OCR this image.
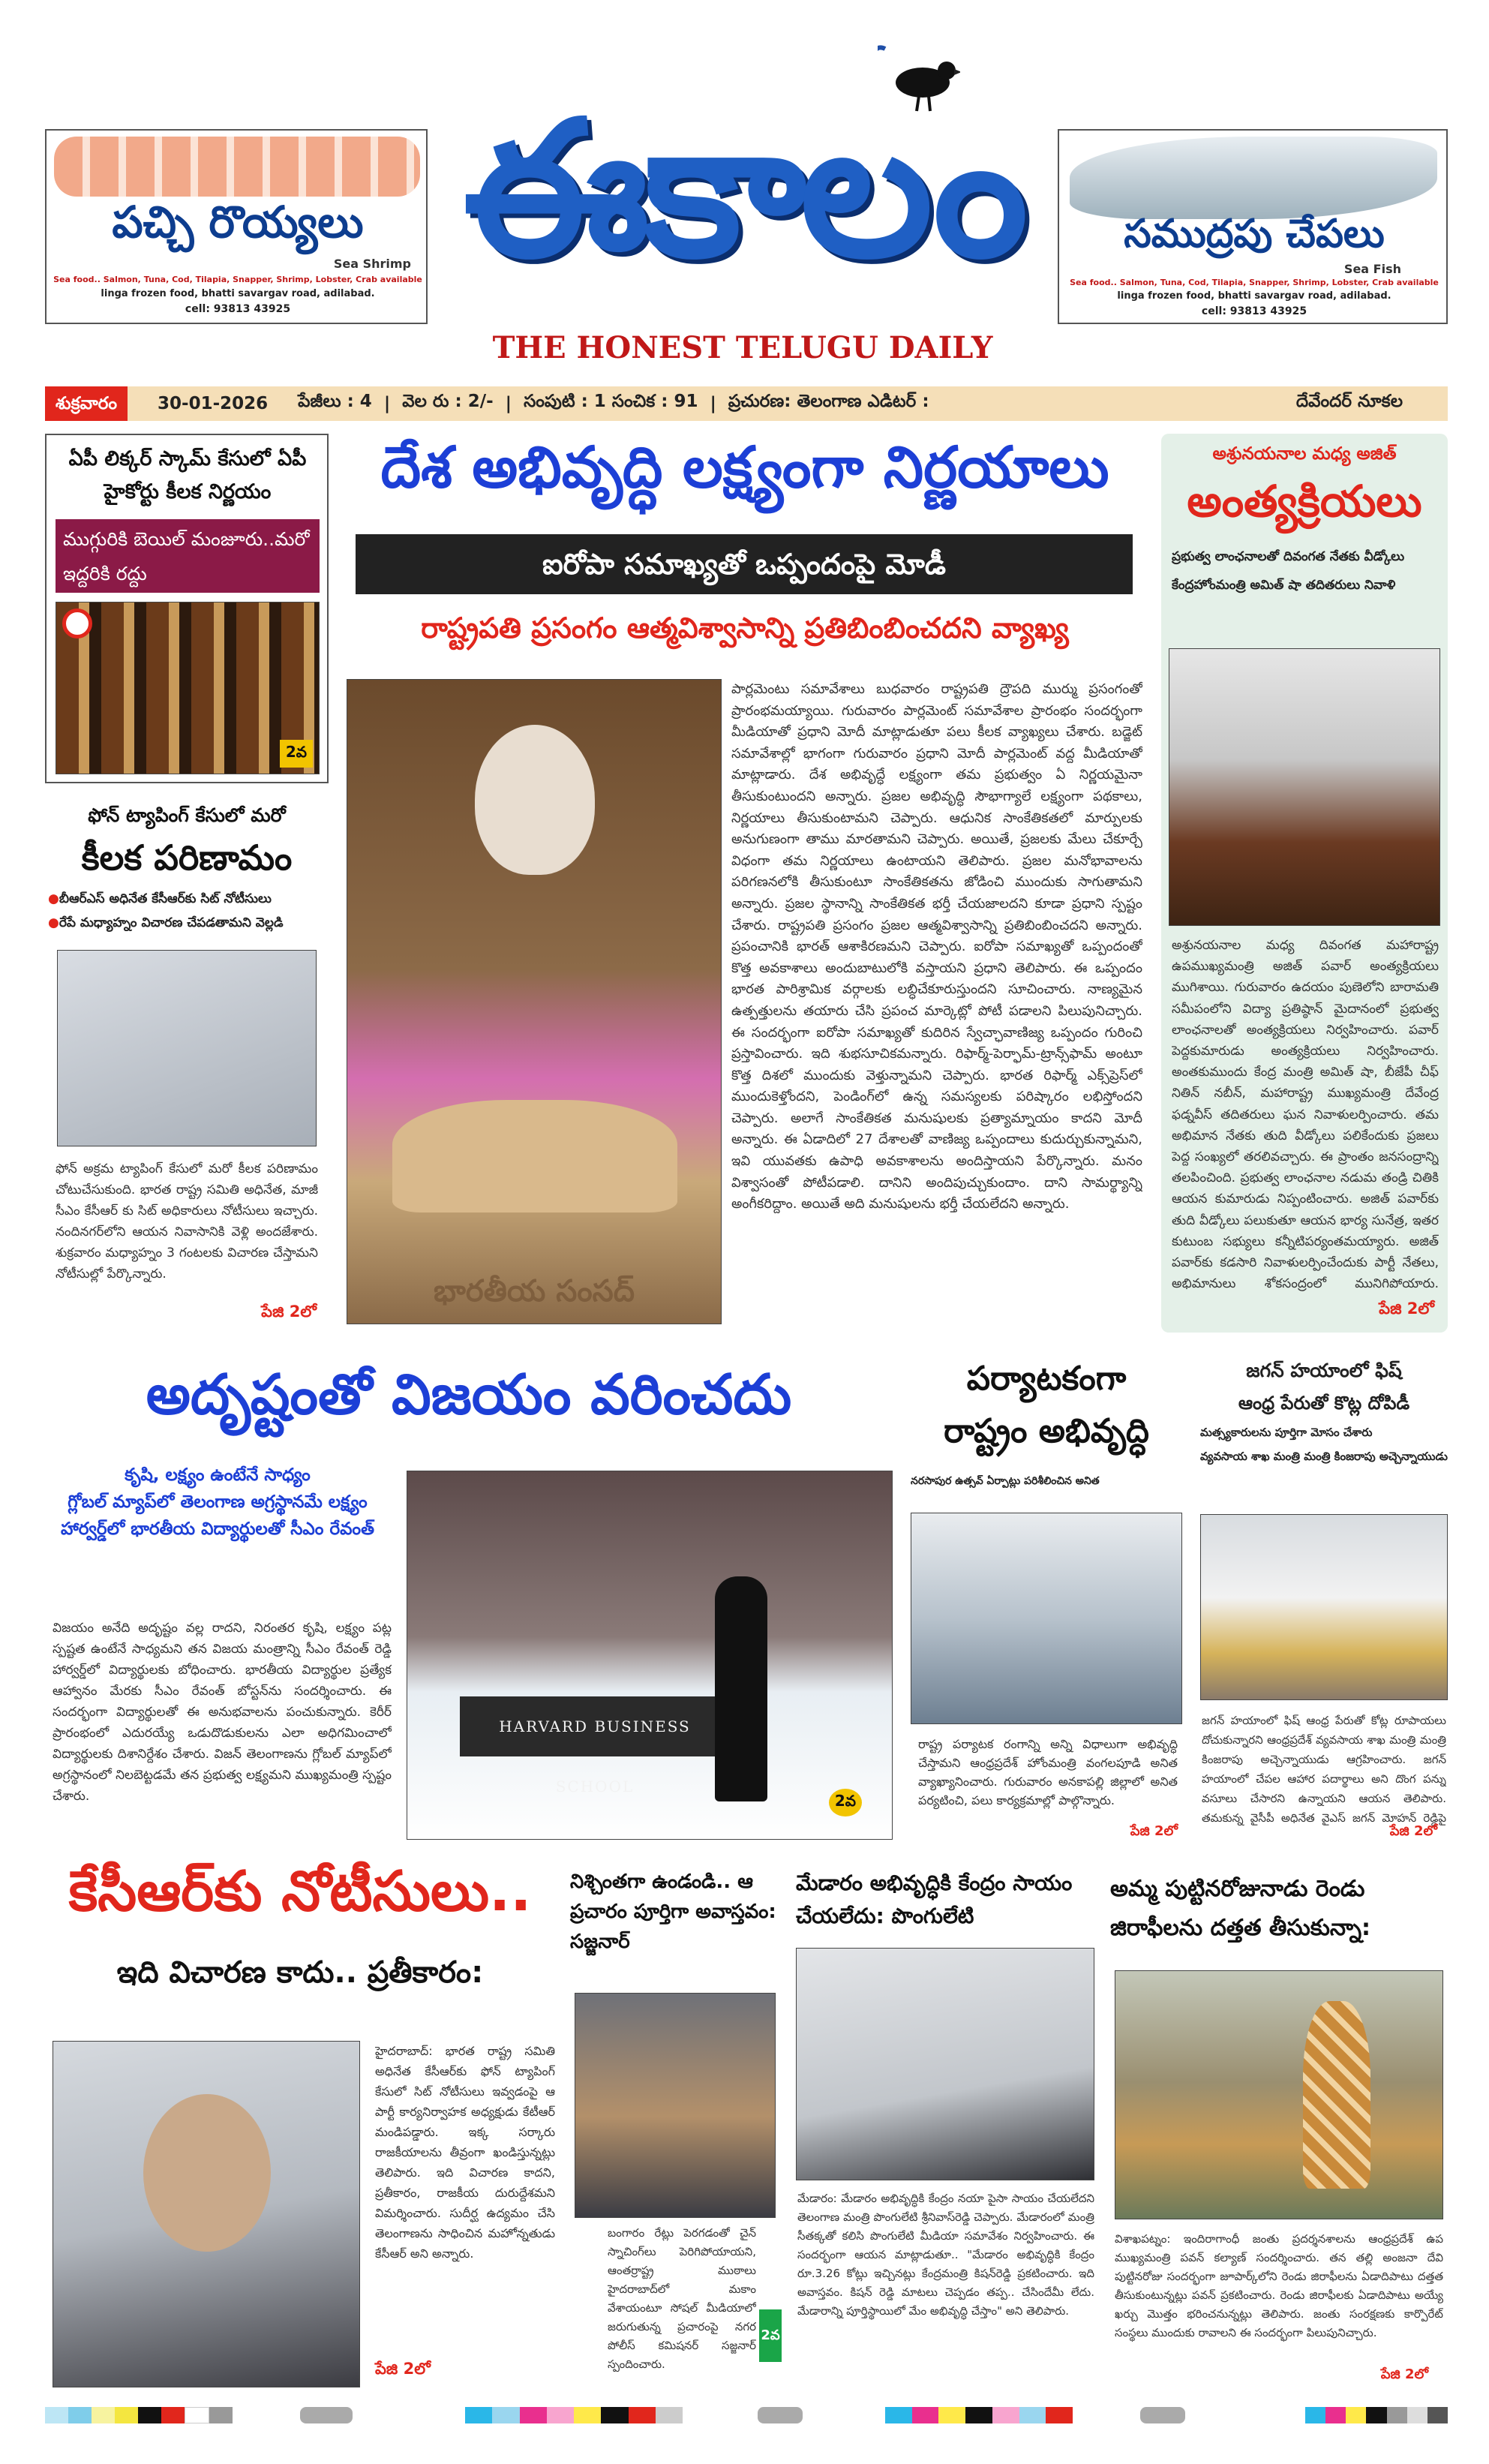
పచ్చి రొయ్యలు
Sea Shrimp
Sea food.. Salmon, Tuna, Cod, Tilapia, Snapper, Shrimp, Lobster, Crab available
linga frozen food, bhatti savargav road, adilabad.
cell: 93813 43925
ఈకాలం
THE HONEST TELUGU DAILY
సముద్రపు చేపలు
Sea Fish
Sea food.. Salmon, Tuna, Cod, Tilapia, Snapper, Shrimp, Lobster, Crab available
linga frozen food, bhatti savargav road, adilabad.
cell: 93813 43925
శుక్రవారం	30-01-2026 పేజీలు : 4 | వెల రు : 2/- | సంపుటి : 1 సంచిక : 91 | ప్రచురణ: తెలంగాణ ఎడిటర్ :	దేవేందర్ నూకల
ఏపీ లిక్కర్ స్కామ్ కేసులో ఏపీ హైకోర్టు కీలక నిర్ణయం
ముగ్గురికి బెయిల్ మంజూరు..మరో ఇద్దరికి రద్దు
2వ
ఫోన్ ట్యాపింగ్ కేసులో మరో
కీలక పరిణామం
●బీఆర్ఎస్ అధినేత కేసీఆర్‌కు సిట్ నోటీసులు
●రేపే మధ్యాహ్నం విచారణ చేపడతామని వెల్లడి
ఫోన్ అక్రమ ట్యాపింగ్ కేసులో మరో కీలక పరిణామం చోటుచేసుకుంది. భారత రాష్ట్ర సమితి అధినేత, మాజీ సీఎం కేసీఆర్ కు సిట్ అధికారులు నోటీసులు ఇచ్చారు. నందినగర్‌లోని ఆయన నివాసానికి వెళ్లి అందజేశారు. శుక్రవారం మధ్యాహ్నం 3 గంటలకు విచారణ చేస్తామని నోటీసుల్లో పేర్కొన్నారు.
పేజి 2లో
దేశ అభివృద్ధి లక్ష్యంగా నిర్ణయాలు
ఐరోపా సమాఖ్యతో ఒప్పందంపై మోడీ
రాష్ట్రపతి ప్రసంగం ఆత్మవిశ్వాసాన్ని ప్రతిబింబించదని వ్యాఖ్య
భారతీయ సంసద్
పార్లమెంటు సమావేశాలు బుధవారం రాష్ట్రపతి ద్రౌపది ముర్ము ప్రసంగంతో ప్రారంభమయ్యాయి. గురువారం పార్లమెంట్ సమావేశాల ప్రారంభం సందర్భంగా మీడియాతో ప్రధాని మోదీ మాట్లాడుతూ పలు కీలక వ్యాఖ్యలు చేశారు. బడ్జెట్ సమావేశాల్లో భాగంగా గురువారం ప్రధాని మోదీ పార్లమెంట్ వద్ద మీడియాతో మాట్లాడారు. దేశ అభివృద్ధే లక్ష్యంగా తమ ప్రభుత్వం ఏ నిర్ణయమైనా తీసుకుంటుందని అన్నారు. ప్రజల అభివృద్ధి సౌభాగ్యాలే లక్ష్యంగా పథకాలు, నిర్ణయాలు తీసుకుంటామని చెప్పారు. ఆధునిక సాంకేతికతలో మార్పులకు అనుగుణంగా తాము మారతామని చెప్పారు. అయితే, ప్రజలకు మేలు చేకూర్చే విధంగా తమ నిర్ణయాలు ఉంటాయని తెలిపారు. ప్రజల మనోభావాలను పరిగణనలోకి తీసుకుంటూ సాంకేతికతను జోడించి ముందుకు సాగుతామని అన్నారు. ప్రజల స్థానాన్ని సాంకేతికత భర్తీ చేయజాలదని కూడా ప్రధాని స్పష్టం చేశారు. రాష్ట్రపతి ప్రసంగం ప్రజల ఆత్మవిశ్వాసాన్ని ప్రతిబింబించదని అన్నారు. ప్రపంచానికి భారత్ ఆశాకిరణమని చెప్పారు. ఐరోపా సమాఖ్యతో ఒప్పందంతో కొత్త అవకాశాలు అందుబాటులోకి వస్తాయని ప్రధాని తెలిపారు. ఈ ఒప్పందం భారత పారిశ్రామిక వర్గాలకు లబ్ధిచేకూరుస్తుందని సూచించారు. నాణ్యమైన ఉత్పత్తులను తయారు చేసి ప్రపంచ మార్కెట్లో పోటీ పడాలని పిలుపునిచ్చారు. ఈ సందర్భంగా ఐరోపా సమాఖ్యతో కుదిరిన స్వేచ్ఛావాణిజ్య ఒప్పందం గురించి ప్రస్తావించారు. ఇది శుభసూచికమన్నారు. రిఫార్మ్-పెర్ఫామ్-ట్రాన్స్‌ఫామ్ అంటూ కొత్త దిశలో ముందుకు వెళ్తున్నామని చెప్పారు. భారత రిఫార్మ్ ఎక్స్‌ప్రెస్‌లో ముందుకెళ్తోందని, పెండింగ్‌లో ఉన్న సమస్యలకు పరిష్కారం లభిస్తోందని చెప్పారు. అలాగే సాంకేతికత మనుషులకు ప్రత్యామ్నాయం కాదని మోదీ అన్నారు. ఈ ఏడాదిలో 27 దేశాలతో వాణిజ్య ఒప్పందాలు కుదుర్చుకున్నామని, ఇవి యువతకు ఉపాధి అవకాశాలను అందిస్తాయని పేర్కొన్నారు. మనం విశ్వాసంతో పోటీపడాలి. దానిని అందిపుచ్చుకుందాం. దాని సామర్థ్యాన్ని అంగీకరిద్దాం. అయితే అది మనుషులను భర్తీ చేయలేదని అన్నారు.
అశ్రునయనాల మధ్య అజిత్
అంత్యక్రియలు
ప్రభుత్వ లాంఛనాలతో దివంగత నేతకు వీడ్కోలు
కేంద్రహోంమంత్రి అమిత్ షా తదితరులు నివాళి
అశ్రునయనాల మధ్య దివంగత మహారాష్ట్ర ఉపముఖ్యమంత్రి అజిత్ పవార్ అంత్యక్రియలు ముగిశాయి. గురువారం ఉదయం పుణెలోని బారామతి సమీపంలోని విద్యా ప్రతిష్ఠాన్ మైదానంలో ప్రభుత్వ లాంఛనాలతో అంత్యక్రియలు నిర్వహించారు. పవార్ పెద్దకుమారుడు అంత్యక్రియలు నిర్వహించారు. అంతకుముందు కేంద్ర మంత్రి అమిత్ షా, బీజేపీ చీఫ్ నితిన్ నబీన్, మహారాష్ట్ర ముఖ్యమంత్రి దేవేంద్ర ఫడ్నవీస్ తదితరులు ఘన నివాళులర్పించారు. తమ అభిమాన నేతకు తుది వీడ్కోలు పలికేందుకు ప్రజలు పెద్ద సంఖ్యలో తరలివచ్చారు. ఈ ప్రాంతం జనసంద్రాన్ని తలపించింది. ప్రభుత్వ లాంఛనాల నడుమ తండ్రి చితికి ఆయన కుమారుడు నిప్పంటించారు. అజిత్ పవార్‌కు తుది వీడ్కోలు పలుకుతూ ఆయన భార్య సునేత్ర, ఇతర కుటుంబ సభ్యులు కన్నీటిపర్యంతమయ్యారు. అజిత్ పవార్‌కు కడసారి నివాళులర్పించేందుకు పార్టీ నేతలు, అభిమానులు శోకసంద్రంలో మునిగిపోయారు.
పేజి 2లో
అదృష్టంతో విజయం వరించదు
కృషి, లక్ష్యం ఉంటేనే సాధ్యం
గ్లోబల్ మ్యాప్‌లో తెలంగాణ అగ్రస్థానమే లక్ష్యం
హార్వర్డ్‌లో భారతీయ విద్యార్థులతో సీఎం రేవంత్
విజయం అనేది అదృష్టం వల్ల రాదని, నిరంతర కృషి, లక్ష్యం పట్ల స్పష్టత ఉంటేనే సాధ్యమని తన విజయ మంత్రాన్ని సీఎం రేవంత్ రెడ్డి హార్వర్డ్‌లో విద్యార్థులకు బోధించారు. భారతీయ విద్యార్థుల ప్రత్యేక ఆహ్వానం మేరకు సీఎం రేవంత్ బోస్టన్‌ను సందర్శించారు. ఈ సందర్భంగా విద్యార్థులతో ఈ అనుభవాలను పంచుకున్నారు. కెరీర్ ప్రారంభంలో ఎదురయ్యే ఒడుదొడుకులను ఎలా అధిగమించాలో విద్యార్థులకు దిశానిర్దేశం చేశారు. విజన్ తెలంగాణను గ్లోబల్ మ్యాప్‌లో అగ్రస్థానంలో నిలబెట్టడమే తన ప్రభుత్వ లక్ష్యమని ముఖ్యమంత్రి స్పష్టం చేశారు.
HARVARD BUSINESS SCHOOL
2వ
పర్యాటకంగా
రాష్ట్రం అభివృద్ధి
నరసాపుర ఉత్సవ్ ఏర్పాట్లు పరిశీలించిన అనిత
రాష్ట్ర పర్యాటక రంగాన్ని అన్ని విధాలుగా అభివృద్ధి చేస్తామని ఆంధ్రప్రదేశ్ హోంమంత్రి వంగలపూడి అనిత వ్యాఖ్యానించారు. గురువారం అనకాపల్లి జిల్లాలో అనిత పర్యటించి, పలు కార్యక్రమాల్లో పాల్గొన్నారు.
పేజి 2లో
జగన్ హయాంలో ఫిష్
ఆంధ్ర పేరుతో కొట్ల దోపిడీ
మత్స్యకారులను పూర్తిగా మోసం చేశారు
వ్యవసాయ శాఖ మంత్రి మంత్రి కింజరాపు అచ్చెన్నాయుడు
జగన్ హయాంలో ఫిష్ ఆంధ్ర పేరుతో కోట్ల రూపాయలు దోచుకున్నారని ఆంధ్రప్రదేశ్ వ్యవసాయ శాఖ మంత్రి మంత్రి కింజరాపు అచ్చెన్నాయుడు ఆగ్రహించారు. జగన్ హయాంలో చేపల ఆహార పదార్థాలు అని దొంగ పన్ను వసూలు చేసారని ఉన్నాయని ఆయన తెలిపారు. తమకున్న వైసీపీ అధినేత వైఎస్ జగన్ మోహన్ రెడ్డిపై
పేజి 2లో
కేసీఆర్‌కు నోటీసులు..
ఇది విచారణ కాదు.. ప్రతీకారం:
హైదరాబాద్: భారత రాష్ట్ర సమితి అధినేత కేసీఆర్‌కు ఫోన్ ట్యాపింగ్ కేసులో సిట్ నోటీసులు ఇవ్వడంపై ఆ పార్టీ కార్యనిర్వాహక అధ్యక్షుడు కేటీఆర్ మండిపడ్డారు. ఇక్క సర్కారు రాజకీయాలను తీవ్రంగా ఖండిస్తున్నట్లు తెలిపారు. ఇది విచారణ కాదని, ప్రతీకారం, రాజకీయ దురుద్దేశమని విమర్శించారు. సుదీర్ఘ ఉద్యమం చేసి తెలంగాణను సాధించిన మహోన్నతుడు కేసీఆర్ అని అన్నారు.
పేజి 2లో
నిశ్చింతగా ఉండండి.. ఆ ప్రచారం పూర్తిగా అవాస్తవం: సజ్జనార్
బంగారం రేట్లు పెరగడంతో చైన్ స్నాచింగ్‌లు పెరిగిపోయాయని, ఆంతర్రాష్ట్ర ముఠాలు హైదరాబాద్‌లో మకాం వేశాయంటూ సోషల్ మీడియాలో జరుగుతున్న ప్రచారంపై నగర పోలీస్ కమిషనర్ సజ్జనార్ స్పందించారు.
2వ
మేడారం అభివృద్ధికి కేంద్రం సాయం చేయలేదు: పొంగులేటి
మేడారం: మేడారం అభివృద్ధికి కేంద్రం నయా పైసా సాయం చేయలేదని తెలంగాణ మంత్రి పొంగులేటి శ్రీనివాస్‌రెడ్డి చెప్పారు. మేడారంలో మంత్రి సీతక్కతో కలిసి పొంగులేటి మీడియా సమావేశం నిర్వహించారు. ఈ సందర్భంగా ఆయన మాట్లాడుతూ.. "మేడారం అభివృద్ధికి కేంద్రం రూ.3.26 కోట్లు ఇచ్చినట్లు కేంద్రమంత్రి కిషన్‌రెడ్డి ప్రకటించారు. ఇది అవాస్తవం. కిషన్ రెడ్డి మాటలు చెప్పడం తప్ప.. చేసిందేమీ లేదు. మేడారాన్ని పూర్తిస్థాయిలో మేం అభివృద్ధి చేస్తాం" అని తెలిపారు.
అమ్మ పుట్టినరోజునాడు రెండు జిరాఫీలను దత్తత తీసుకున్నా:
విశాఖపట్నం: ఇందిరాగాంధీ జంతు ప్రదర్శనశాలను ఆంధ్రప్రదేశ్ ఉప ముఖ్యమంత్రి పవన్ కల్యాణ్ సందర్శించారు. తన తల్లి అంజనా దేవి పుట్టినరోజు సందర్భంగా జూపార్క్‌లోని రెండు జిరాఫీలను ఏడాదిపాటు దత్తత తీసుకుంటున్నట్లు పవన్ ప్రకటించారు. రెండు జిరాఫీలకు ఏడాదిపాటు అయ్యే ఖర్చు మొత్తం భరించనున్నట్లు తెలిపారు. జంతు సంరక్షణకు కార్పొరేట్ సంస్థలు ముందుకు రావాలని ఈ సందర్భంగా పిలుపునిచ్చారు.
పేజి 2లో
